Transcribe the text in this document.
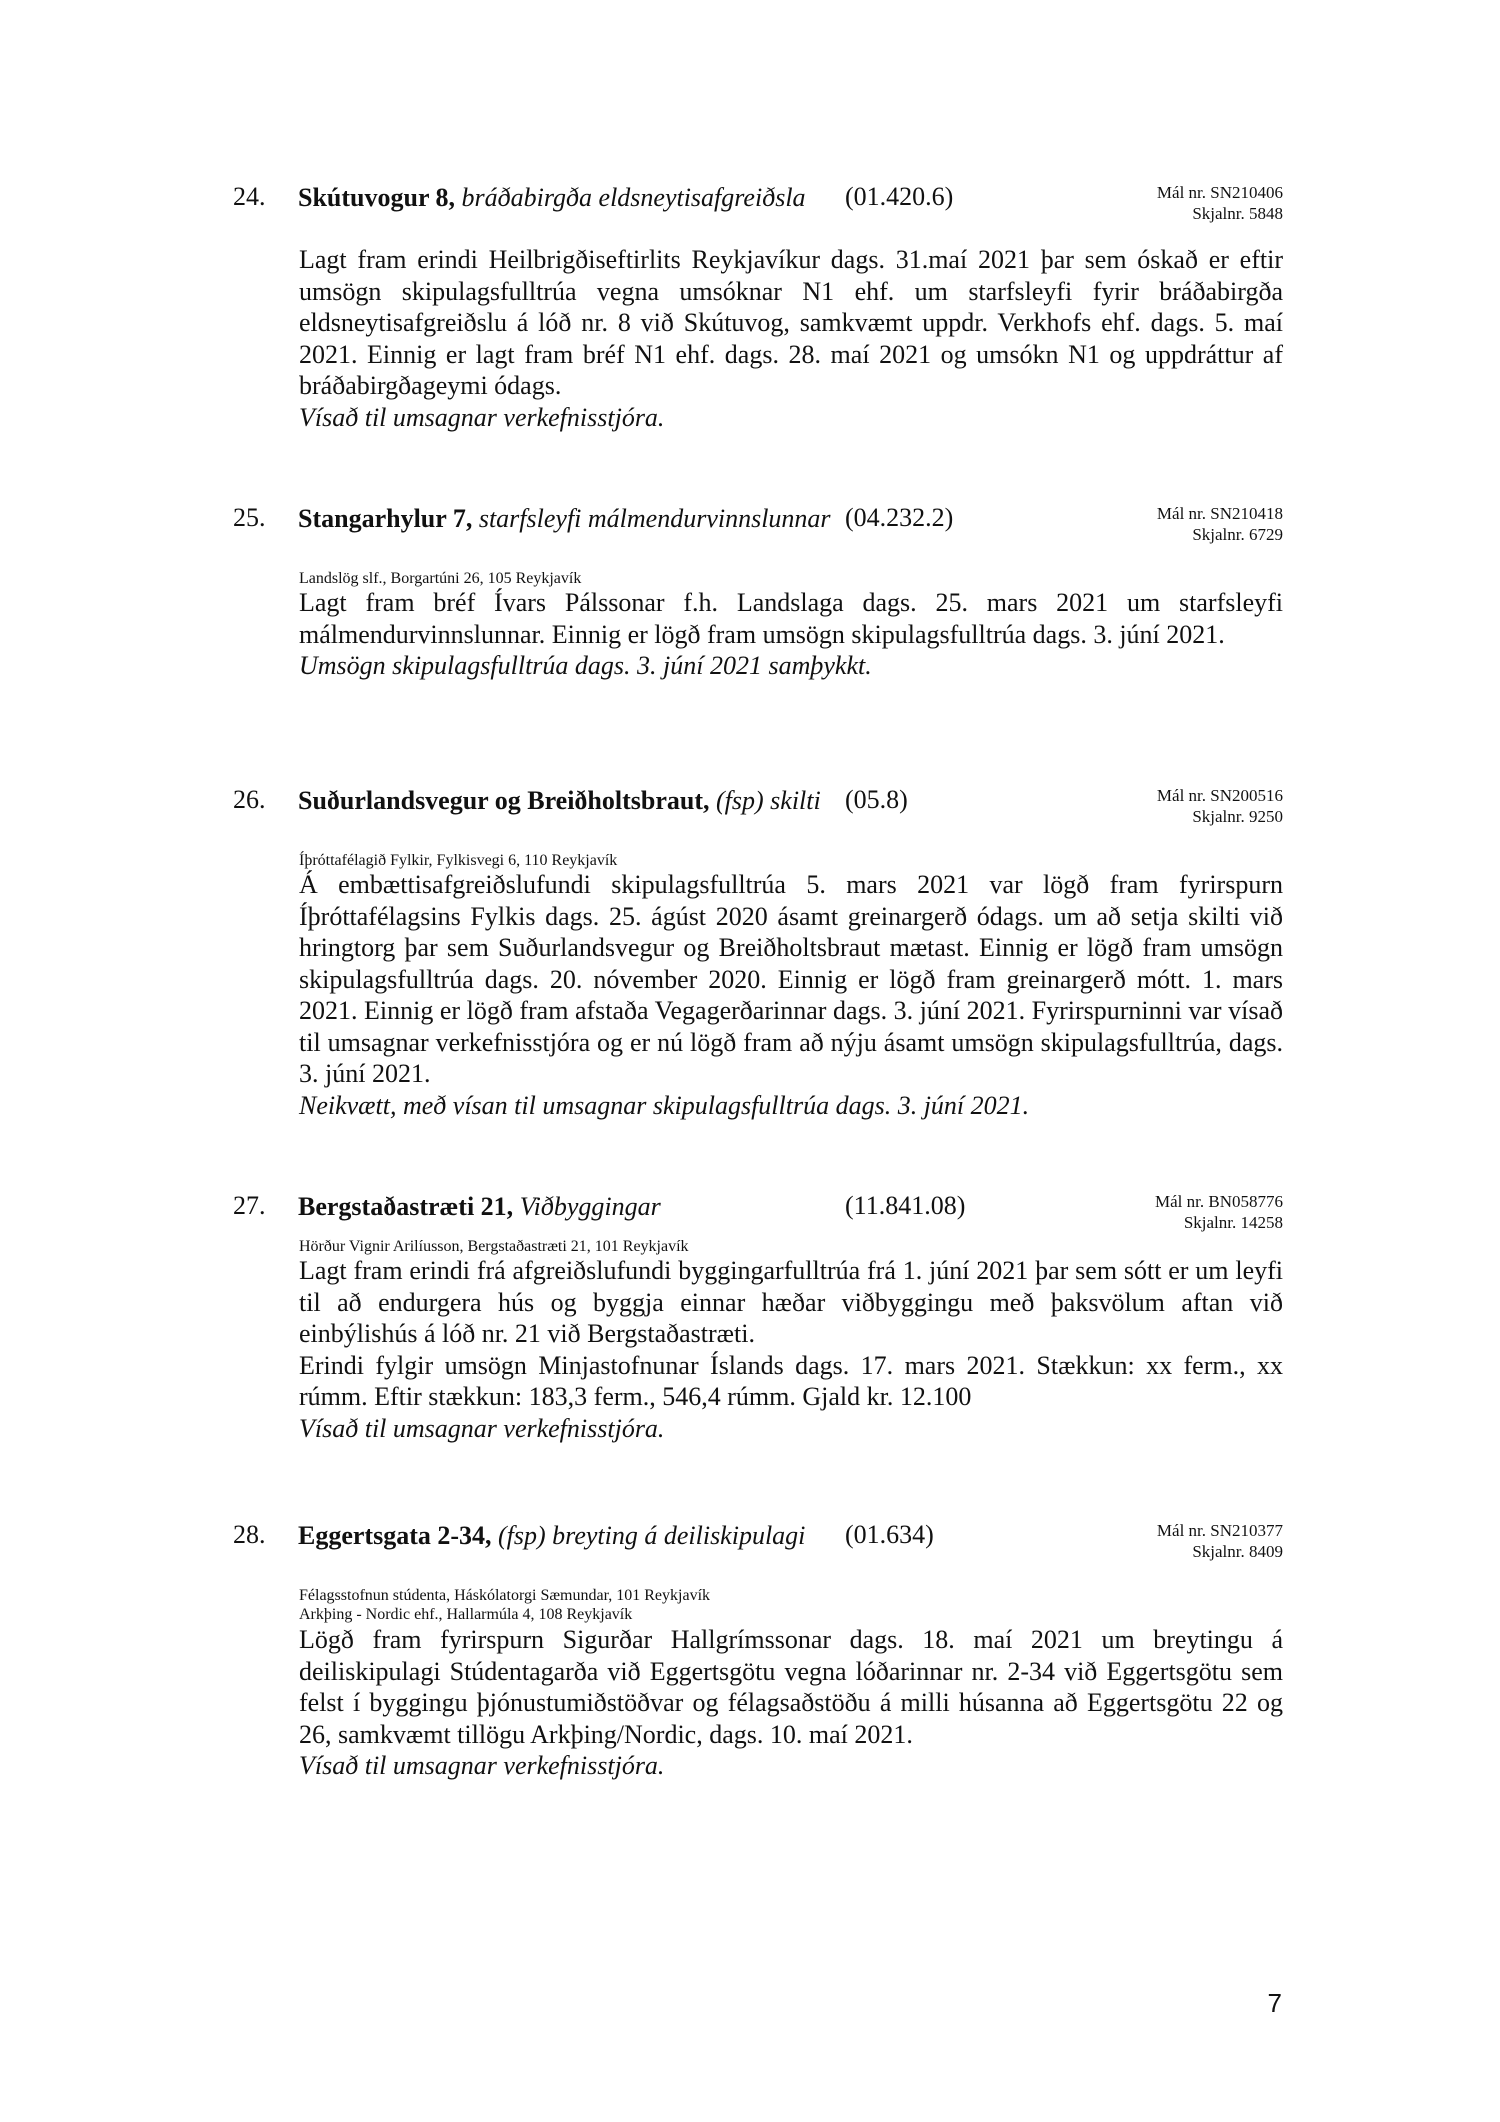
24. Skútuvogur 8, bráðabirgða eldsneytisafgreiðsla	(01.420.6)	Mál nr. SN210406
Skjalnr. 5848

Lagt fram erindi Heilbrigðiseftirlits Reykjavíkur dags. 31.maí 2021 þar sem óskað er eftir umsögn skipulagsfulltrúa vegna umsóknar N1 ehf. um starfsleyfi fyrir bráðabirgða eldsneytisafgreiðslu á lóð nr. 8 við Skútuvog, samkvæmt uppdr. Verkhofs ehf. dags. 5. maí 2021. Einnig er lagt fram bréf N1 ehf. dags. 28. maí 2021 og umsókn N1 og uppdráttur af bráðabirgðageymi ódags.

Vísað til umsagnar verkefnisstjóra.

25. Stangarhylur 7, starfsleyfi málmendurvinnslunnar (04.232.2)	Mál nr. SN210418
Skjalnr. 6729
Landslög slf., Borgartúni 26, 105 Reykjavík

Lagt fram bréf Ívars Pálssonar f.h. Landslaga dags. 25. mars 2021 um starfsleyfi málmendurvinnslunnar. Einnig er lögð fram umsögn skipulagsfulltrúa dags. 3. júní 2021.

Umsögn skipulagsfulltrúa dags. 3. júní 2021 samþykkt.

26. Suðurlandsvegur og Breiðholtsbraut, (fsp) skilti (05.8)	Mál nr. SN200516
Skjalnr. 9250
Íþróttafélagið Fylkir, Fylkisvegi 6, 110 Reykjavík

Á embættisafgreiðslufundi skipulagsfulltrúa 5. mars 2021 var lögð fram fyrirspurn Íþróttafélagsins Fylkis dags. 25. ágúst 2020 ásamt greinargerð ódags. um að setja skilti við hringtorg þar sem Suðurlandsvegur og Breiðholtsbraut mætast. Einnig er lögð fram umsögn skipulagsfulltrúa dags. 20. nóvember 2020. Einnig er lögð fram greinargerð mótt. 1. mars 2021. Einnig er lögð fram afstaða Vegagerðarinnar dags. 3. júní 2021. Fyrirspurninni var vísað til umsagnar verkefnisstjóra og er nú lögð fram að nýju ásamt umsögn skipulagsfulltrúa, dags. 3. júní 2021.

Neikvætt, með vísan til umsagnar skipulagsfulltrúa dags. 3. júní 2021.

27. Bergstaðastræti 21, Viðbyggingar	(11.841.08)	Mál nr. BN058776
Skjalnr. 14258
Hörður Vignir Arilíusson, Bergstaðastræti 21, 101 Reykjavík

Lagt fram erindi frá afgreiðslufundi byggingarfulltrúa frá 1. júní 2021 þar sem sótt er um leyfi til að endurgera hús og byggja einnar hæðar viðbyggingu með þaksvölum aftan við einbýlishús á lóð nr. 21 við Bergstaðastræti.

Erindi fylgir umsögn Minjastofnunar Íslands dags. 17. mars 2021. Stækkun: xx ferm., xx rúmm. Eftir stækkun: 183,3 ferm., 546,4 rúmm. Gjald kr. 12.100

Vísað til umsagnar verkefnisstjóra.

28. Eggertsgata 2-34, (fsp) breyting á deiliskipulagi	(01.634)	Mál nr. SN210377
Skjalnr. 8409
Félagsstofnun stúdenta, Háskólatorgi Sæmundar, 101 Reykjavík
Arkþing - Nordic ehf., Hallarmúla 4, 108 Reykjavík

Lögð fram fyrirspurn Sigurðar Hallgrímssonar dags. 18. maí 2021 um breytingu á deiliskipulagi Stúdentagarða við Eggertsgötu vegna lóðarinnar nr. 2-34 við Eggertsgötu sem felst í byggingu þjónustumiðstöðvar og félagsaðstöðu á milli húsanna að Eggertsgötu 22 og 26, samkvæmt tillögu Arkþing/Nordic, dags. 10. maí 2021.

Vísað til umsagnar verkefnisstjóra.

7
